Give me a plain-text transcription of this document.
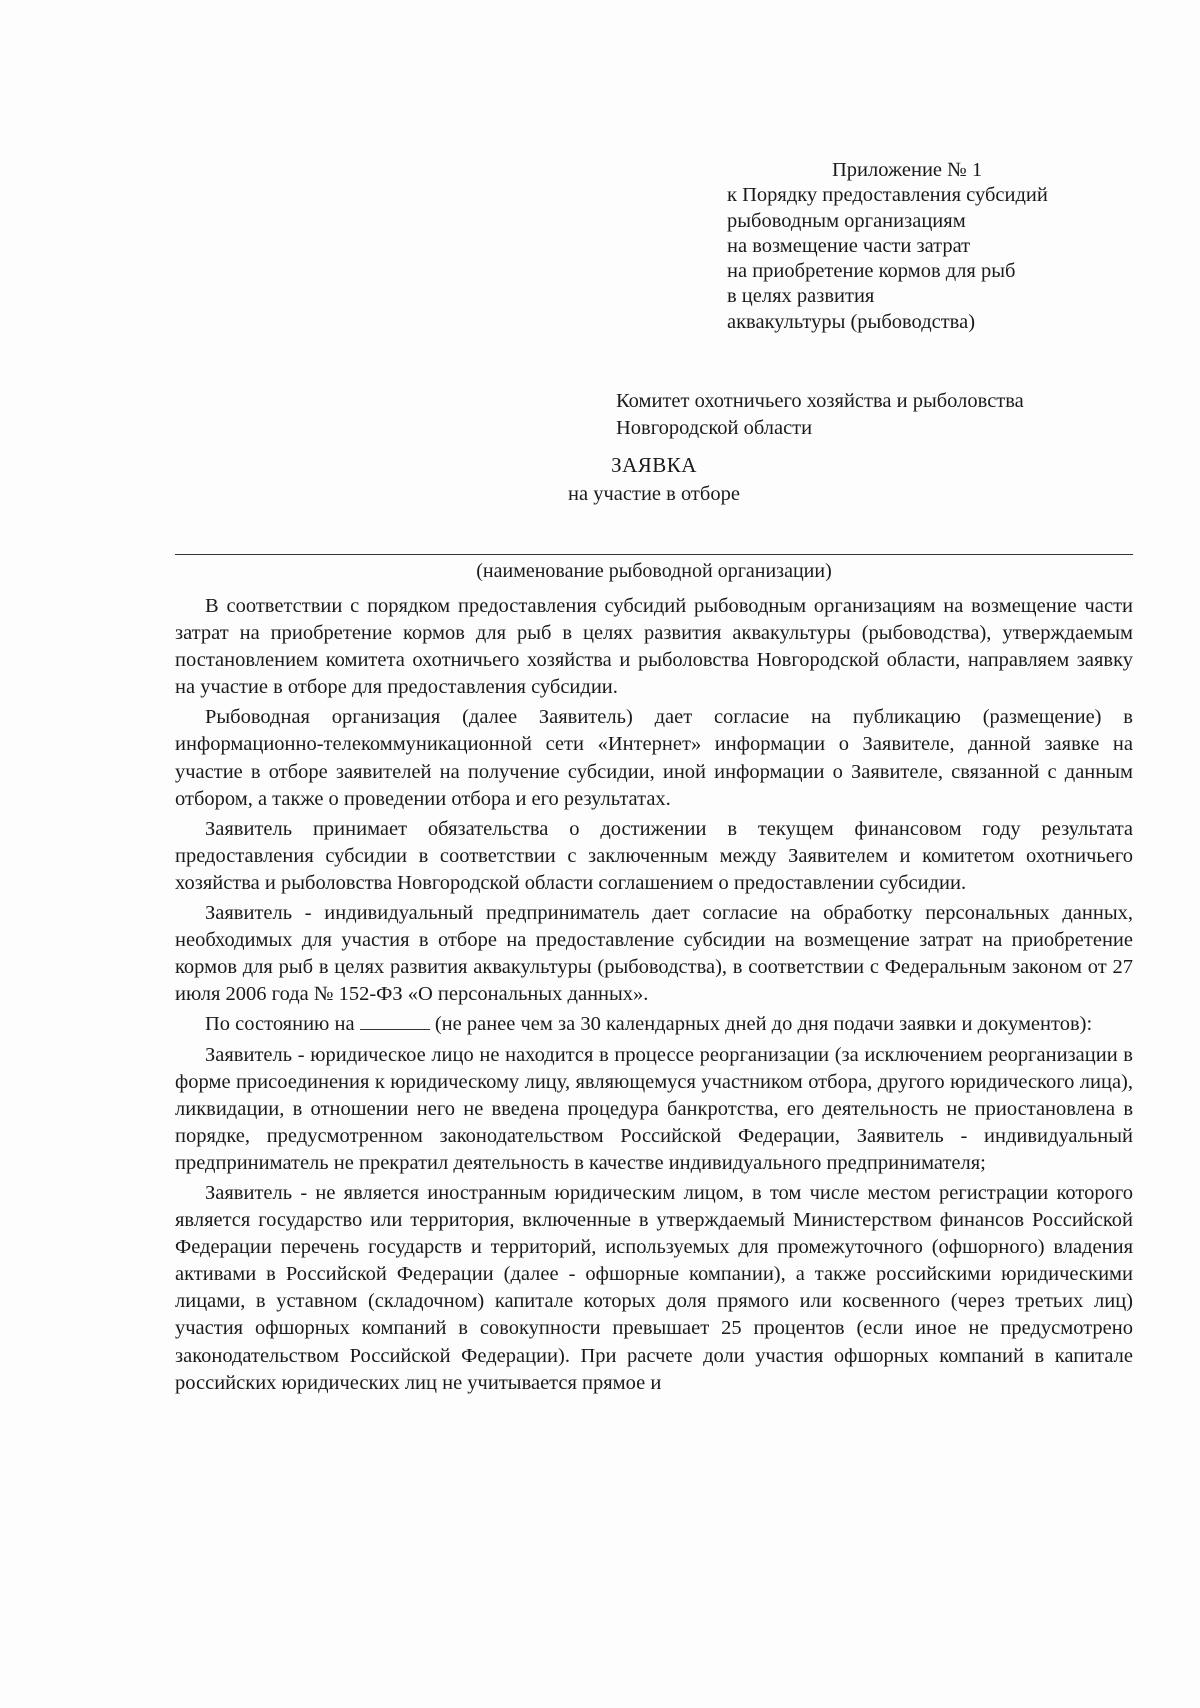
Приложение № 1
к Порядку предоставления субсидий
рыбоводным организациям
на возмещение части затрат
на приобретение кормов для рыб
в целях развития
аквакультуры (рыбоводства)
Комитет охотничьего хозяйства и рыболовства
Новгородской области
ЗАЯВКА
на участие в отборе
(наименование рыбоводной организации)

В соответствии с порядком предоставления субсидий рыбоводным организациям на возмещение части затрат на приобретение кормов для рыб в целях развития аквакультуры (рыбоводства), утверждаемым постановлением комитета охотничьего хозяйства и рыболовства Новгородской области, направляем заявку на участие в отборе для предоставления субсидии.

Рыбоводная организация (далее Заявитель) дает согласие на публикацию (размещение) в информационно-телекоммуникационной сети «Интернет» информации о Заявителе, данной заявке на участие в отборе заявителей на получение субсидии, иной информации о Заявителе, связанной с данным отбором, а также о проведении отбора и его результатах.

Заявитель принимает обязательства о достижении в текущем финансовом году результата предоставления субсидии в соответствии с заключенным между Заявителем и комитетом охотничьего хозяйства и рыболовства Новгородской области соглашением о предоставлении субсидии.

Заявитель - индивидуальный предприниматель дает согласие на обработку персональных данных, необходимых для участия в отборе на предоставление субсидии на возмещение затрат на приобретение кормов для рыб в целях развития аквакультуры (рыбоводства), в соответствии с Федеральным законом от 27 июля 2006 года № 152-ФЗ «О персональных данных».

По состоянию на	(не ранее чем за 30 календарных дней до дня подачи заявки и документов):

Заявитель - юридическое лицо не находится в процессе реорганизации (за исключением реорганизации в форме присоединения к юридическому лицу, являющемуся участником отбора, другого юридического лица), ликвидации, в отношении него не введена процедура банкротства, его деятельность не приостановлена в порядке, предусмотренном законодательством Российской Федерации, Заявитель - индивидуальный предприниматель не прекратил деятельность в качестве индивидуального предпринимателя;

Заявитель - не является иностранным юридическим лицом, в том числе местом регистрации которого является государство или территория, включенные в утверждаемый Министерством финансов Российской Федерации перечень государств и территорий, используемых для промежуточного (офшорного) владения активами в Российской Федерации (далее - офшорные компании), а также российскими юридическими лицами, в уставном (складочном) капитале которых доля прямого или косвенного (через третьих лиц) участия офшорных компаний в совокупности превышает 25 процентов (если иное не предусмотрено законодательством Российской Федерации). При расчете доли участия офшорных компаний в капитале российских юридических лиц не учитывается прямое и
